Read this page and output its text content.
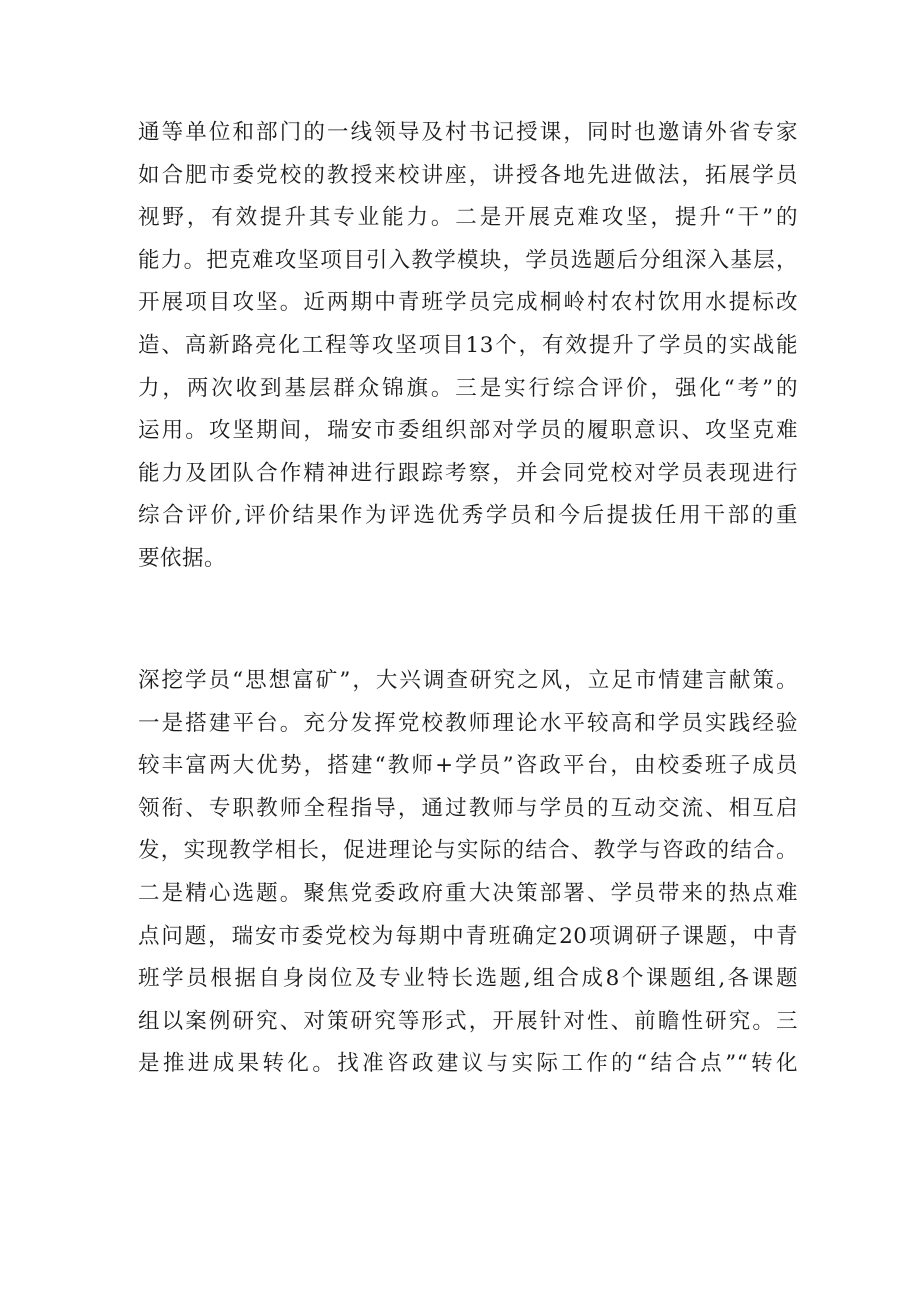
通等单位和部门的一线领导及村书记授课，同时也邀请外省专家
如合肥市委党校的教授来校讲座，讲授各地先进做法，拓展学员
视野，有效提升其专业能力。二是开展克难攻坚，提升“干”的
能力。把克难攻坚项目引入教学模块，学员选题后分组深入基层，
开展项目攻坚。近两期中青班学员完成桐岭村农村饮用水提标改
造、高新路亮化工程等攻坚项目13个，有效提升了学员的实战能
力，两次收到基层群众锦旗。三是实行综合评价，强化“考”的
运用。攻坚期间，瑞安市委组织部对学员的履职意识、攻坚克难
能力及团队合作精神进行跟踪考察，并会同党校对学员表现进行
综合评价,评价结果作为评选优秀学员和今后提拔任用干部的重
要依据。
深挖学员“思想富矿”，大兴调查研究之风，立足市情建言献策。
一是搭建平台。充分发挥党校教师理论水平较高和学员实践经验
较丰富两大优势，搭建“教师+学员”咨政平台，由校委班子成员
领衔、专职教师全程指导，通过教师与学员的互动交流、相互启
发，实现教学相长，促进理论与实际的结合、教学与咨政的结合。
二是精心选题。聚焦党委政府重大决策部署、学员带来的热点难
点问题，瑞安市委党校为每期中青班确定20项调研子课题，中青
班学员根据自身岗位及专业特长选题,组合成8个课题组,各课题
组以案例研究、对策研究等形式，开展针对性、前瞻性研究。三
是推进成果转化。找准咨政建议与实际工作的“结合点”“转化
